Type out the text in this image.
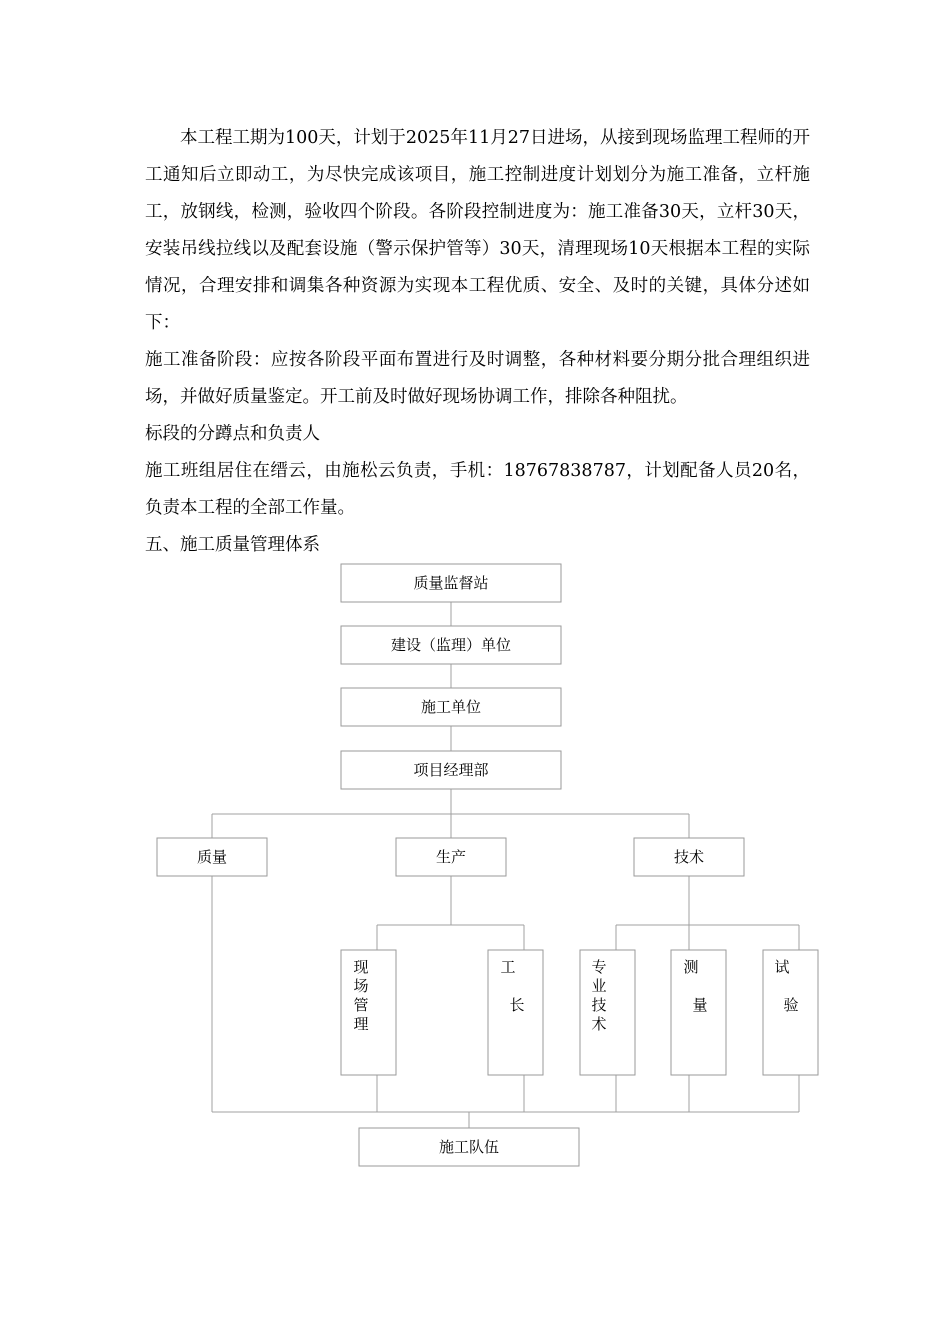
本工程工期为100天，计划于2025年11月27日进场，从接到现场监理工程师的开工通知后立即动工，为尽快完成该项目，施工控制进度计划划分为施工准备，立杆施工，放钢线，检测，验收四个阶段。各阶段控制进度为：施工准备30天，立杆30天，安装吊线拉线以及配套设施（警示保护管等）30天，清理现场10天根据本工程的实际情况，合理安排和调集各种资源为实现本工程优质、安全、及时的关键，具体分述如下：

施工准备阶段：应按各阶段平面布置进行及时调整，各种材料要分期分批合理组织进场，并做好质量鉴定。开工前及时做好现场协调工作，排除各种阻扰。

标段的分蹲点和负责人

施工班组居住在缙云，由施松云负责，手机：18767838787，计划配备人员20名，负责本工程的全部工作量。

五、施工质量管理体系

质量监督站
建设（监理）单位
施工单位
项目经理部
质量	生产	技术
现
场
管
理
工
长
专
业
技
术
测
量
试
验
施工队伍
